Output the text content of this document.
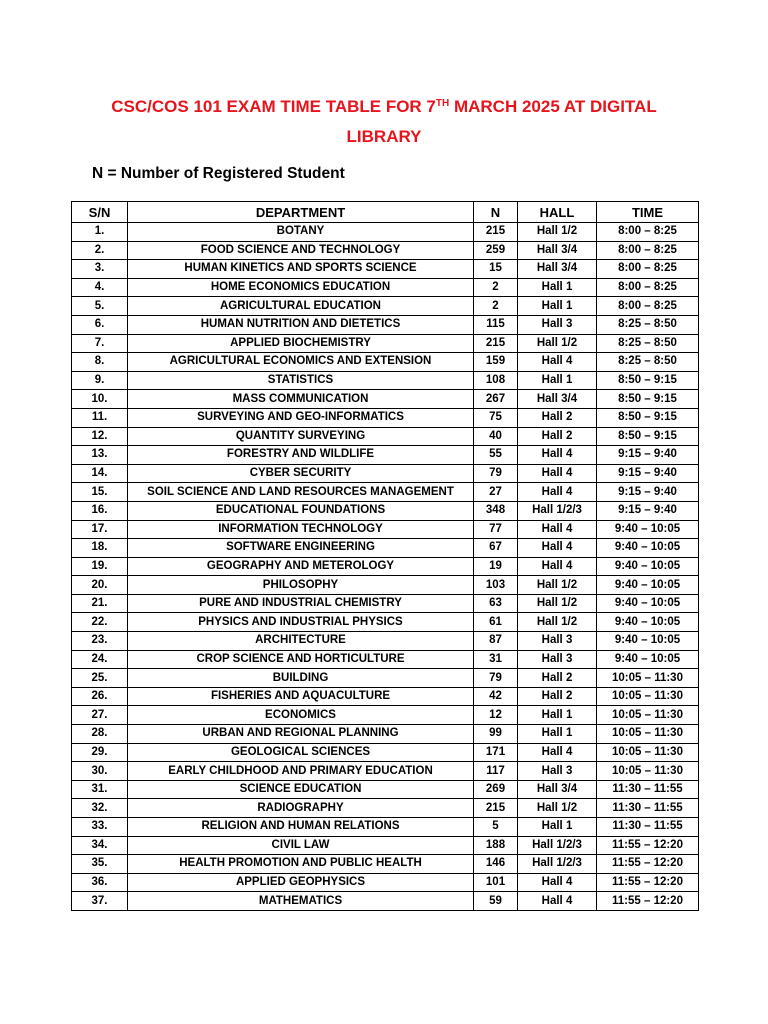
CSC/COS 101 EXAM TIME TABLE FOR 7TH MARCH 2025 AT DIGITAL
LIBRARY
N = Number of Registered Student
S/N	DEPARTMENT	N	HALL	TIME
1.	BOTANY	215	Hall 1/2	8:00 – 8:25
2.	FOOD SCIENCE AND TECHNOLOGY	259	Hall 3/4	8:00 – 8:25
3.	HUMAN KINETICS AND SPORTS SCIENCE	15	Hall 3/4	8:00 – 8:25
4.	HOME ECONOMICS EDUCATION	2	Hall 1	8:00 – 8:25
5.	AGRICULTURAL EDUCATION	2	Hall 1	8:00 – 8:25
6.	HUMAN NUTRITION AND DIETETICS	115	Hall 3	8:25 – 8:50
7.	APPLIED BIOCHEMISTRY	215	Hall 1/2	8:25 – 8:50
8.	AGRICULTURAL ECONOMICS AND EXTENSION	159	Hall 4	8:25 – 8:50
9.	STATISTICS	108	Hall 1	8:50 – 9:15
10.	MASS COMMUNICATION	267	Hall 3/4	8:50 – 9:15
11.	SURVEYING AND GEO-INFORMATICS	75	Hall 2	8:50 – 9:15
12.	QUANTITY SURVEYING	40	Hall 2	8:50 – 9:15
13.	FORESTRY AND WILDLIFE	55	Hall 4	9:15 – 9:40
14.	CYBER SECURITY	79	Hall 4	9:15 – 9:40
15.	SOIL SCIENCE AND LAND RESOURCES MANAGEMENT	27	Hall 4	9:15 – 9:40
16.	EDUCATIONAL FOUNDATIONS	348	Hall 1/2/3	9:15 – 9:40
17.	INFORMATION TECHNOLOGY	77	Hall 4	9:40 – 10:05
18.	SOFTWARE ENGINEERING	67	Hall 4	9:40 – 10:05
19.	GEOGRAPHY AND METEROLOGY	19	Hall 4	9:40 – 10:05
20.	PHILOSOPHY	103	Hall 1/2	9:40 – 10:05
21.	PURE AND INDUSTRIAL CHEMISTRY	63	Hall 1/2	9:40 – 10:05
22.	PHYSICS AND INDUSTRIAL PHYSICS	61	Hall 1/2	9:40 – 10:05
23.	ARCHITECTURE	87	Hall 3	9:40 – 10:05
24.	CROP SCIENCE AND HORTICULTURE	31	Hall 3	9:40 – 10:05
25.	BUILDING	79	Hall 2	10:05 – 11:30
26.	FISHERIES AND AQUACULTURE	42	Hall 2	10:05 – 11:30
27.	ECONOMICS	12	Hall 1	10:05 – 11:30
28.	URBAN AND REGIONAL PLANNING	99	Hall 1	10:05 – 11:30
29.	GEOLOGICAL SCIENCES	171	Hall 4	10:05 – 11:30
30.	EARLY CHILDHOOD AND PRIMARY EDUCATION	117	Hall 3	10:05 – 11:30
31.	SCIENCE EDUCATION	269	Hall 3/4	11:30 – 11:55
32.	RADIOGRAPHY	215	Hall 1/2	11:30 – 11:55
33.	RELIGION AND HUMAN RELATIONS	5	Hall 1	11:30 – 11:55
34.	CIVIL LAW	188	Hall 1/2/3	11:55 – 12:20
35.	HEALTH PROMOTION AND PUBLIC HEALTH	146	Hall 1/2/3	11:55 – 12:20
36.	APPLIED GEOPHYSICS	101	Hall 4	11:55 – 12:20
37.	MATHEMATICS	59	Hall 4	11:55 – 12:20
